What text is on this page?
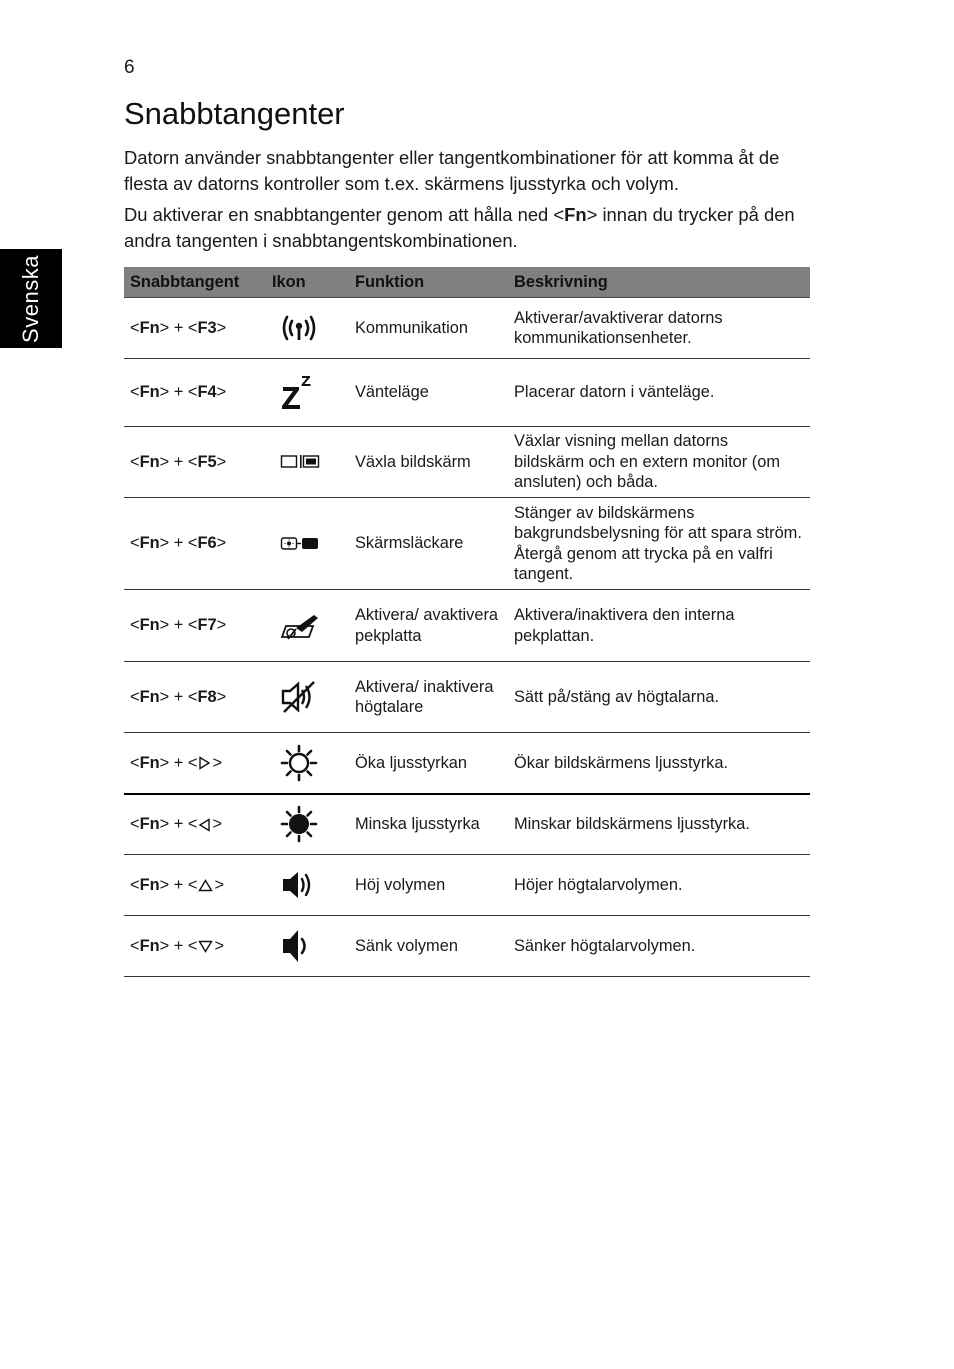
6
Svenska
Snabbtangenter

Datorn använder snabbtangenter eller tangentkombinationer för att komma åt de flesta av datorns kontroller som t.ex. skärmens ljusstyrka och volym.

Du aktiverar en snabbtangenter genom att hålla ned <Fn> innan du trycker på den andra tangenten i snabbtangentskombinationen.

Snabbtangent	Ikon	Funktion	Beskrivning
<Fn> + <F3>		Kommunikation	Aktiverar/avaktiverar datorns kommunikationsenheter.
<Fn> + <F4>		Vänteläge	Placerar datorn i vänteläge.
<Fn> + <F5>		Växla bildskärm	Växlar visning mellan datorns bildskärm och en extern monitor (om ansluten) och båda.
<Fn> + <F6>		Skärmsläckare	Stänger av bildskärmens bakgrundsbelysning för att spara ström. Återgå genom att trycka på en valfri tangent.
<Fn> + <F7>		Aktivera/ avaktivera pekplatta	Aktivera/inaktivera den interna pekplattan.
<Fn> + <F8>		Aktivera/ inaktivera högtalare	Sätt på/stäng av högtalarna.
<Fn> + < >		Öka ljusstyrkan	Ökar bildskärmens ljusstyrka.
<Fn> + < >		Minska ljusstyrka	Minskar bildskärmens ljusstyrka.
<Fn> + < >		Höj volymen	Höjer högtalarvolymen.
<Fn> + < >		Sänk volymen	Sänker högtalarvolymen.
